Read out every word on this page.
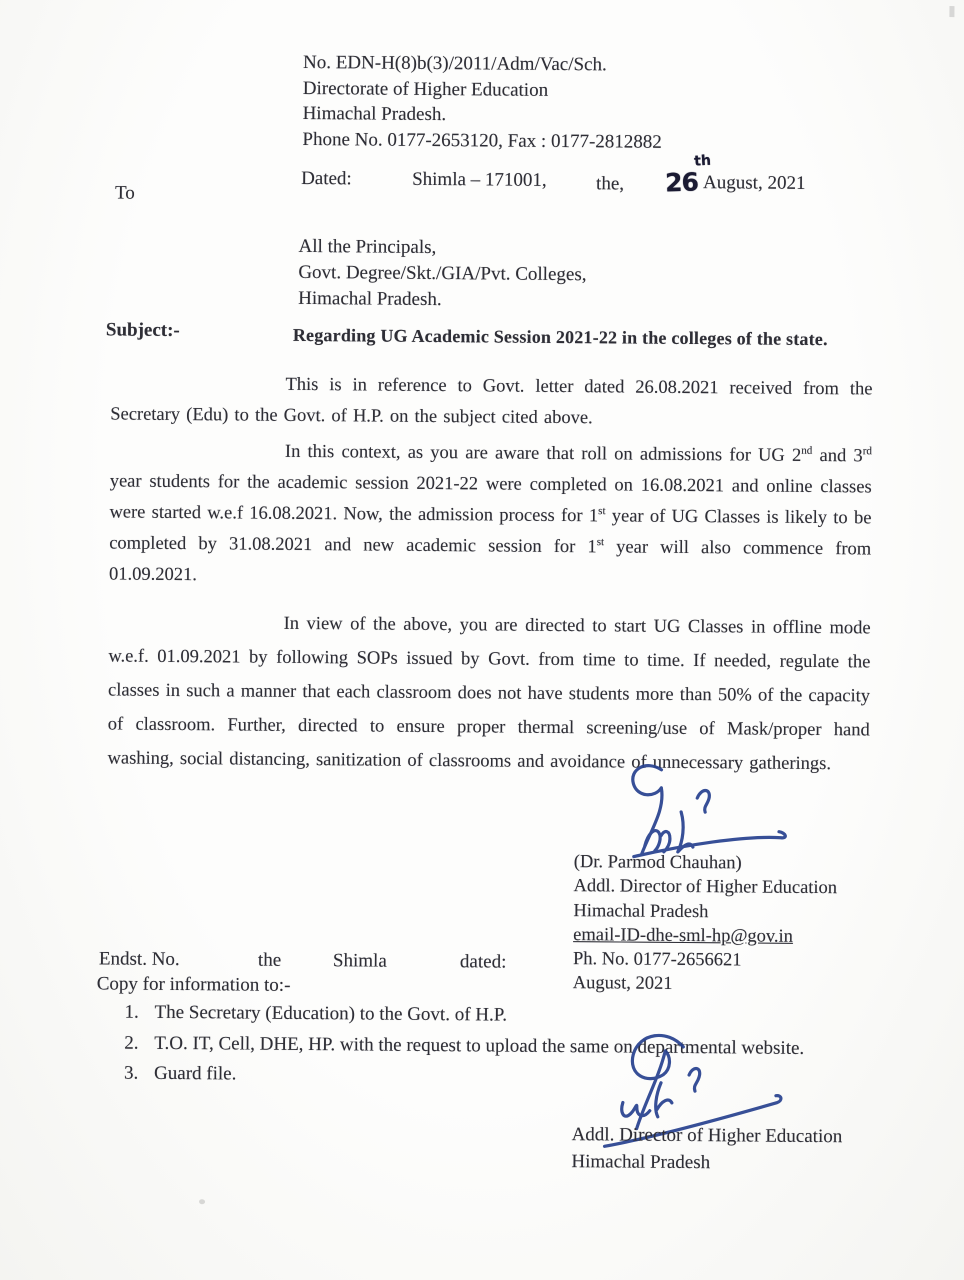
No. EDN-H(8)b(3)/2011/Adm/Vac/Sch.
Directorate of Higher Education
Himachal Pradesh.
Phone No. 0177-2653120, Fax : 0177-2812882
Dated:	Shimla – 171001,	the, 26
th
August, 2021
To
All the Principals,
Govt. Degree/Skt./GIA/Pvt. Colleges,
Himachal Pradesh.
Subject:-	Regarding UG Academic Session 2021-22 in the colleges of the state.
This is in reference to Govt. letter dated 26.08.2021 received from the Secretary (Edu) to the Govt. of H.P. on the subject cited above.
In this context, as you are aware that roll on admissions for UG 2nd and 3rd year students for the academic session 2021-22 were completed on 16.08.2021 and online classes were started w.e.f 16.08.2021. Now, the admission process for 1st year of UG Classes is likely to be completed by 31.08.2021 and new academic session for 1st year will also commence from 01.09.2021.
In view of the above, you are directed to start UG Classes in offline mode w.e.f. 01.09.2021 by following SOPs issued by Govt. from time to time. If needed, regulate the classes in such a manner that each classroom does not have students more than 50% of the capacity of classroom. Further, directed to ensure proper thermal screening/use of Mask/proper hand washing, social distancing, sanitization of classrooms and avoidance of unnecessary gatherings.
(Dr. Parmod Chauhan)
Addl. Director of Higher Education
Himachal Pradesh
email-ID-dhe-sml-hp@gov.in
Ph. No. 0177-2656621
August, 2021
Endst. No.	the	Shimla	dated:
Copy for information to:-
1. The Secretary (Education) to the Govt. of H.P.
2. T.O. IT, Cell, DHE, HP. with the request to upload the same on departmental website.
3. Guard file.
Addl. Director of Higher Education
Himachal Pradesh
